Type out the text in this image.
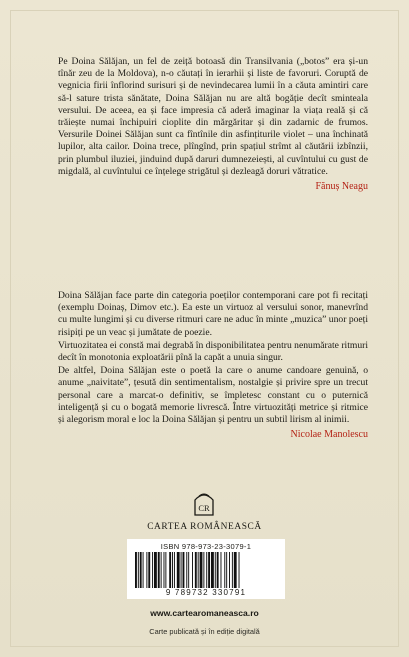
Pe Doina Sălăjan, un fel de zeiță botoasă din Transilvania („botos” era și-un tînăr zeu de la Moldova), n-o căutați în ierarhii și liste de favoruri. Coruptă de vegnicia firii înflorind surisuri și de nevindecarea lumii în a căuta amintiri care să-l sature trista sănătate, Doina Sălăjan nu are altă bogăție decît sminteala versului. De aceea, ea și face impresia că aderă imaginar la viața reală și că trăiește numai închipuiri cioplite din mărgăritar și din zadarnic de frumos. Versurile Doinei Sălăjan sunt ca fîntînile din asfințiturile violet – una închinată lupilor, alta cailor. Doina trece, plîngînd, prin spațiul strîmt al căutării izbînzii, prin plumbul iluziei, jinduind după daruri dumnezeiești, al cuvîntului cu gust de migdală, al cuvîntului ce înțelege strigătul și dezleagă doruri vătratice.

Fănuș Neagu

Doina Sălăjan face parte din categoria poeților contemporani care pot fi recitați (exemplu Doinaș, Dimov etc.). Ea este un virtuoz al versului sonor, manevrînd cu multe lungimi și cu diverse ritmuri care ne aduc în minte „muzica” unor poeți risipiți pe un veac și jumătate de poezie.

Virtuozitatea ei constă mai degrabă în disponibilitatea pentru nenumărate ritmuri decît în monotonia exploatării pînă la capăt a unuia singur.

De altfel, Doina Sălăjan este o poetă la care o anume candoare genuină, o anume „naivitate”, țesută din sentimentalism, nostalgie și privire spre un trecut personal care a marcat-o definitiv, se împletesc constant cu o puternică inteligență și cu o bogată memorie livrescă. Între virtuozități metrice și ritmice și alegorism moral e loc la Doina Sălăjan și pentru un subtil lirism al inimii.

Nicolae Manolescu
CR
CARTEA ROMÂNEASCĂ
ISBN 978-973-23-3079-1
9 789732 330791
www.cartearomaneasca.ro
Carte publicată și în ediție digitală
